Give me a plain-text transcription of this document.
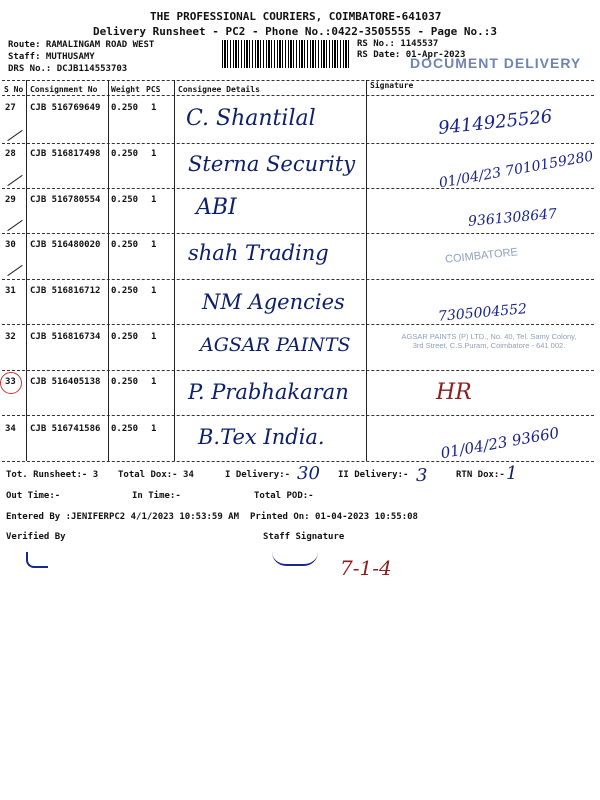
THE PROFESSIONAL COURIERS, COIMBATORE-641037
Delivery Runsheet - PC2 - Phone No.:0422-3505555 - Page No.:3
Route: RAMALINGAM ROAD WEST
Staff: MUTHUSAMY
DRS No.: DCJB114553703
RS No.: 1145537
RS Date: 01-Apr-2023
DOCUMENT DELIVERY
S No Consignment No Weight PCS Consignee Details	Signature
27 CJB 516769649 0.250 1 C. Shantilal	9414925526
28 CJB 516817498 0.250 1 Sterna Security	01/04/23 7010159280
29 CJB 516780554 0.250 1 ABI	9361308647
30 CJB 516480020 0.250 1 shah Trading	COIMBATORE
31 CJB 516816712 0.250 1 NM Agencies	7305004552
32 CJB 516816734 0.250 1 AGSAR PAINTS	AGSAR PAINTS (P) LTD., No. 40, Tel. Samy Colony, 3rd Street, C.S.Puram, Coimbatore - 641 002.
33 CJB 516405138 0.250 1 P. Prabhakaran	HR
34 CJB 516741586 0.250 1 B.Tex India.	01/04/23 93660
Tot. Runsheet:- 3 Total Dox:- 34	I Delivery:- 30 II Delivery:- 3	RTN Dox:- 1
Out Time:-	In Time:-	Total POD:-
Entered By :JENIFERPC2 4/1/2023 10:53:59 AM Printed On: 01-04-2023 10:55:08
Verified By	Staff Signature
7-1-4
